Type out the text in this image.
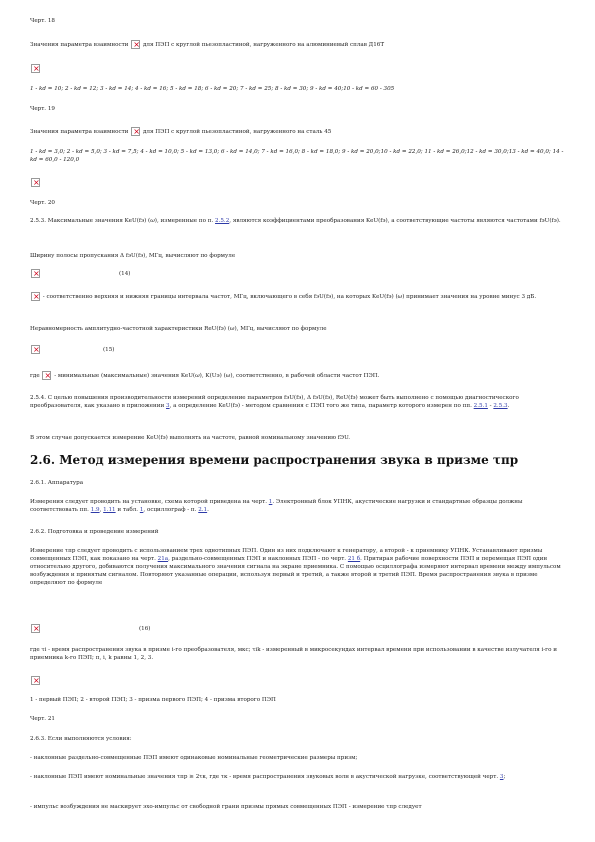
Черт. 18
Значения параметра взаимности ×	для ПЭП с круглой пьезопластиной, нагруженного на алюминиевый сплав Д16Т
×
1 - kd = 10; 2 - kd = 12; 3 - kd = 14; 4 - kd = 16; 5 - kd = 18; 6 - kd = 20; 7 - kd = 25; 8 - kd = 30; 9 - kd = 40;10 - kd = 60 - 305
Черт. 19
Значения параметра взаимности ×	для ПЭП с круглой пьезопластиной, нагруженного на сталь 45
1 - kd = 3,0; 2 - kd = 5,0; 3 - kd = 7,5; 4 - kd = 10,0; 5 - kd = 13,0; 6 - kd = 14,0; 7 - kd = 16,0; 8 - kd = 18,0; 9 - kd = 20,0;10 - kd = 22,0; 11 - kd = 26,0;12 - kd = 30,0;13 - kd = 40,0; 14 - kd = 60,0 - 120,0
×
Черт. 20
2.5.3. Максимальные значения KeU(fэ) (ω), измеренные по п. 2.5.2, являются коэффициентами преобразования KeU(fэ), а соответствующие частоты являются частотами fэU(fэ).
Ширину полосы пропускания Δ fэU(fэ), МГц, вычисляют по формуле
×(14)
× - соответственно верхняя и нижняя границы интервала частот, МГц, включающего в себя fэU(fэ), на которых KeU(fэ) (ω) принимает значения на уровне минус 3 дБ.
Неравномерность амплитудно-частотной характеристики ReU(fэ) (ω), МГц, вычисляют по формуле
×(15)
где ×	- минимальные (максимальные) значения KeU(ω), K(Uэ) (ω), соответственно, в рабочей области частот ПЭП.
2.5.4. С целью повышения производительности измерений определение параметров fэU(fэ), Δ fэU(fэ), ReU(fэ) может быть выполнено с помощью диагностического преобразователя, как указано в приложении 3, а определение KeU(fэ) - методом сравнения с ПЭП того же типа, параметр которого измерен по пп. 2.5.1 - 2.5.3.
В этом случае допускается измерение KeU(fэ) выполнять на частоте, равной номинальному значению fЭU.
2.6. Метод измерения времени распространения звука в призме τпр
2.6.1. Аппаратура
Измерения следует проводить на установке, схема которой приведена на черт. 1. Электронный блок УПНК, акустические нагрузки и стандартные образцы должны соответствовать пп. 1.9, 1.11 и табл. 1, осциллограф - п. 2.1.
2.6.2. Подготовка и проведение измерений
Измерение τпр следует проводить с использованием трех однотипных ПЭП. Один из них подключают к генератору, а второй - к приемнику УПНК. Устанавливают призмы совмещенных ПЭП, как показано на черт. 21a, раздельно-совмещенных ПЭП и наклонных ПЭП - по черт. 21 б. Притирая рабочие поверхности ПЭП и перемещая ПЭП один относительно другого, добиваются получения максимального значения сигнала на экране приемника. С помощью осциллографа измеряют интервал времени между импульсом возбуждения и принятым сигналом. Повторяют указанные операции, используя первый и третий, а также второй и третий ПЭП. Время распространения звука в призме определяют по формуле
×(16)
где τi - время распространения звука в призме i-го преобразователя, мкс; τik - измеренный в микросекундах интервал времени при использовании в качестве излучателя i-го и приемника k-го ПЭП; п, i, k равны 1, 2, 3.
×
1 - первый ПЭП; 2 - второй ПЭП; 3 - призма первого ПЭП; 4 - призма второго ПЭП
Черт. 21
2.6.3. Если выполняются условия:
- наклонные раздельно-совмещенные ПЭП имеют одинаковые номинальные геометрические размеры призм;
- наклонные ПЭП имеют номинальные значения τпр ≥ 2τк, где τк - время распространения звуковых волн в акустической нагрузке, соответствующей черт. 3;
- импульс возбуждения не маскирует эхо-импульс от свободной грани призмы прямых совмещенных ПЭП - измерение τпр следует
